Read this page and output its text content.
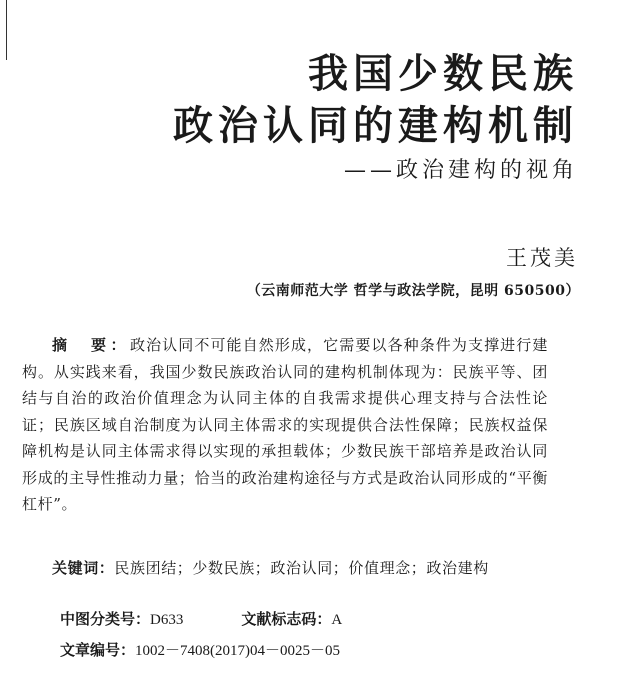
我国少数民族
政治认同的建构机制
——政治建构的视角
王茂美
（云南师范大学 哲学与政法学院，昆明 650500）

摘　要：政治认同不可能自然形成，它需要以各种条件为支撑进行建构。从实践来看，我国少数民族政治认同的建构机制体现为：民族平等、团结与自治的政治价值理念为认同主体的自我需求提供心理支持与合法性论证；民族区域自治制度为认同主体需求的实现提供合法性保障；民族权益保障机构是认同主体需求得以实现的承担载体；少数民族干部培养是政治认同形成的主导性推动力量；恰当的政治建构途径与方式是政治认同形成的“平衡杠杆”。

关键词：民族团结；少数民族；政治认同；价值理念；政治建构

中图分类号：D633	文献标志码：A
文章编号：1002－7408(2017)04－0025－05
